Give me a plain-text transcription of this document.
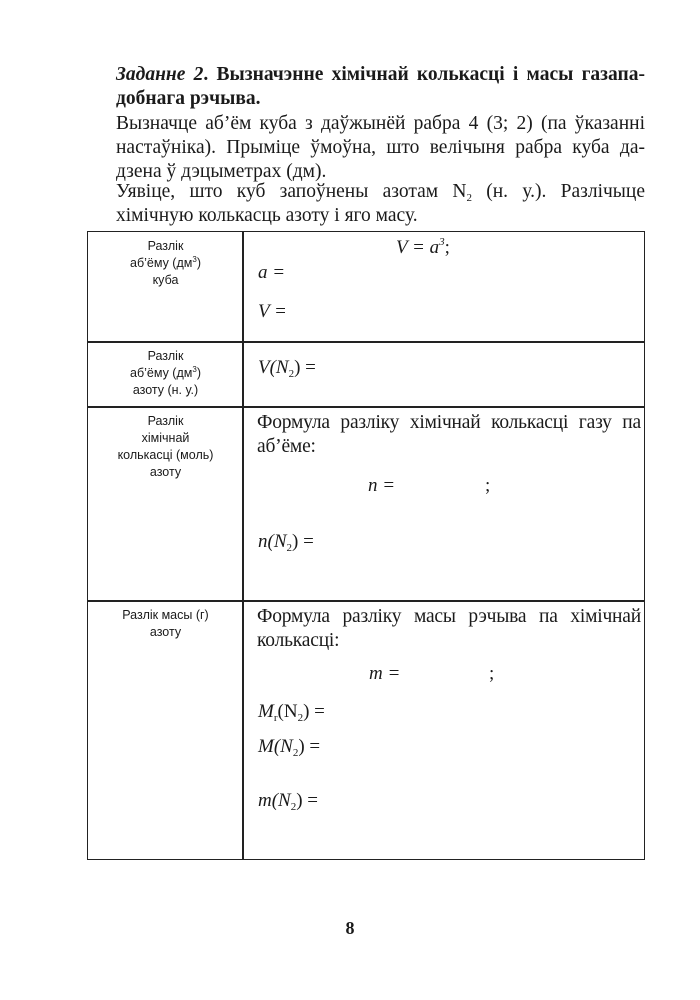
Заданне 2. Вызначэнне хімічнай колькасці і масы газапа-
добнага рэчыва.
Вызначце аб’ём куба з даўжынёй рабра 4 (3; 2) (па ўказанні
настаўніка). Прыміце ўмоўна, што велічыня рабра куба да-
дзена ў дэцыметрах (дм).
Уявіце, што куб запоўнены азотам $N_2$ (н. у.). Разлічыце
хімічную колькасць азоту і яго масу.
Разлік
аб’ёму $(дм^3)$
куба
$V = a^3$;
a =
V =
Разлік
аб’ёму $(дм^3)$
азоту (н. у.)
$V(N_2)$ =
Разлік
хімічнай
колькасці (моль)
азоту
Формула разліку хімічнай колькасці газу па аб’ёме:
n =	;
$n(N_2)$ =
Разлік масы (г)
азоту
Формула разліку масы рэчыва па хімічнай колькасці:
m =	;
$M_r(N_2)$ =
$M(N_2)$ =
$m(N_2)$ =
8
